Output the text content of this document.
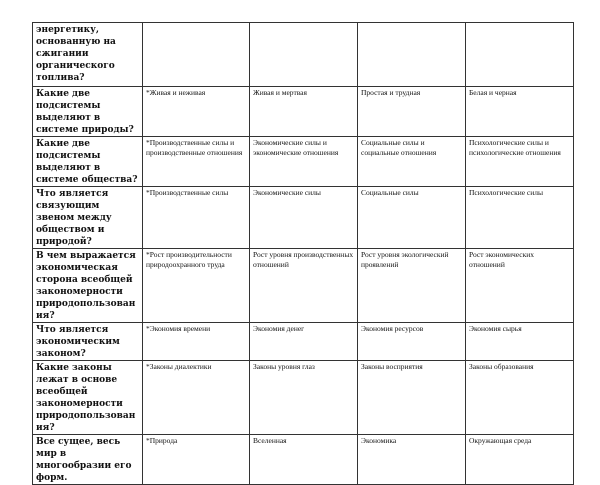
энергетику, основанную на сжигании органического топлива?				
Какие две подсистемы выделяют в системе природы?	*Живая и неживая	Живая и мертвая	Простая и трудная	Белая и черная
Какие две подсистемы выделяют в системе общества?	*Производственные силы и производственные отношения	Экономические силы и экономические отношения	Социальные силы и социальные отношения	Психологические силы и психологические отношения
Что является связующим звеном между обществом и природой?	*Производственные силы	Экономические силы	Социальные силы	Психологические силы
В чем выражается экономическая сторона всеобщей закономерности природопользования?	*Рост производительности природоохранного труда	Рост уровня производственных отношений	Рост уровня экологический проявлений	Рост экономических отношений
Что является экономическим законом?	*Экономия времени	Экономия денег	Экономия ресурсов	Экономия сырья
Какие законы лежат в основе всеобщей закономерности природопользования?	*Законы диалектики	Законы уровня глаз	Законы восприятия	Законы образования
Все сущее, весь мир в многообразии его форм.	*Природа	Вселенная	Экономика	Окружающая среда
